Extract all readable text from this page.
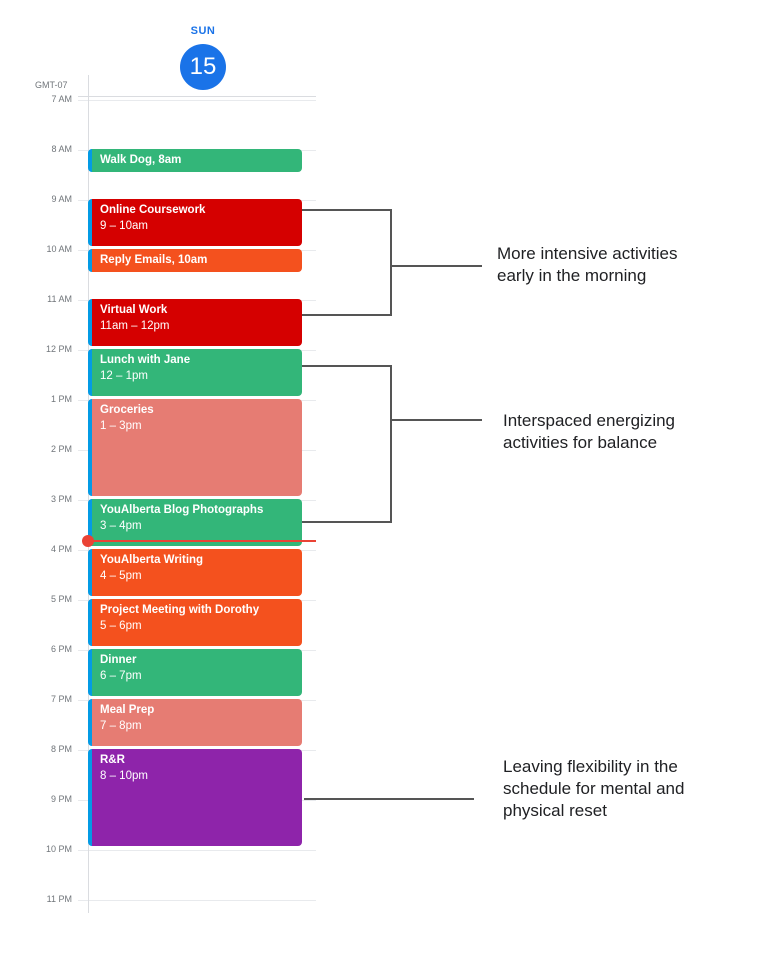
SUN
15
GMT-07
7 AM
8 AM
9 AM
10 AM
11 AM
12 PM
1 PM
2 PM
3 PM
4 PM
5 PM
6 PM
7 PM
8 PM
9 PM
10 PM
11 PM
Walk Dog, 8am
Online Coursework
9 – 10am
Reply Emails, 10am
Virtual Work
11am – 12pm
Lunch with Jane
12 – 1pm
Groceries
1 – 3pm
YouAlberta Blog Photographs
3 – 4pm
YouAlberta Writing
4 – 5pm
Project Meeting with Dorothy
5 – 6pm
Dinner
6 – 7pm
Meal Prep
7 – 8pm
R&R
8 – 10pm
More intensive activities
early in the morning
Interspaced energizing
activities for balance
Leaving flexibility in the
schedule for mental and
physical reset
